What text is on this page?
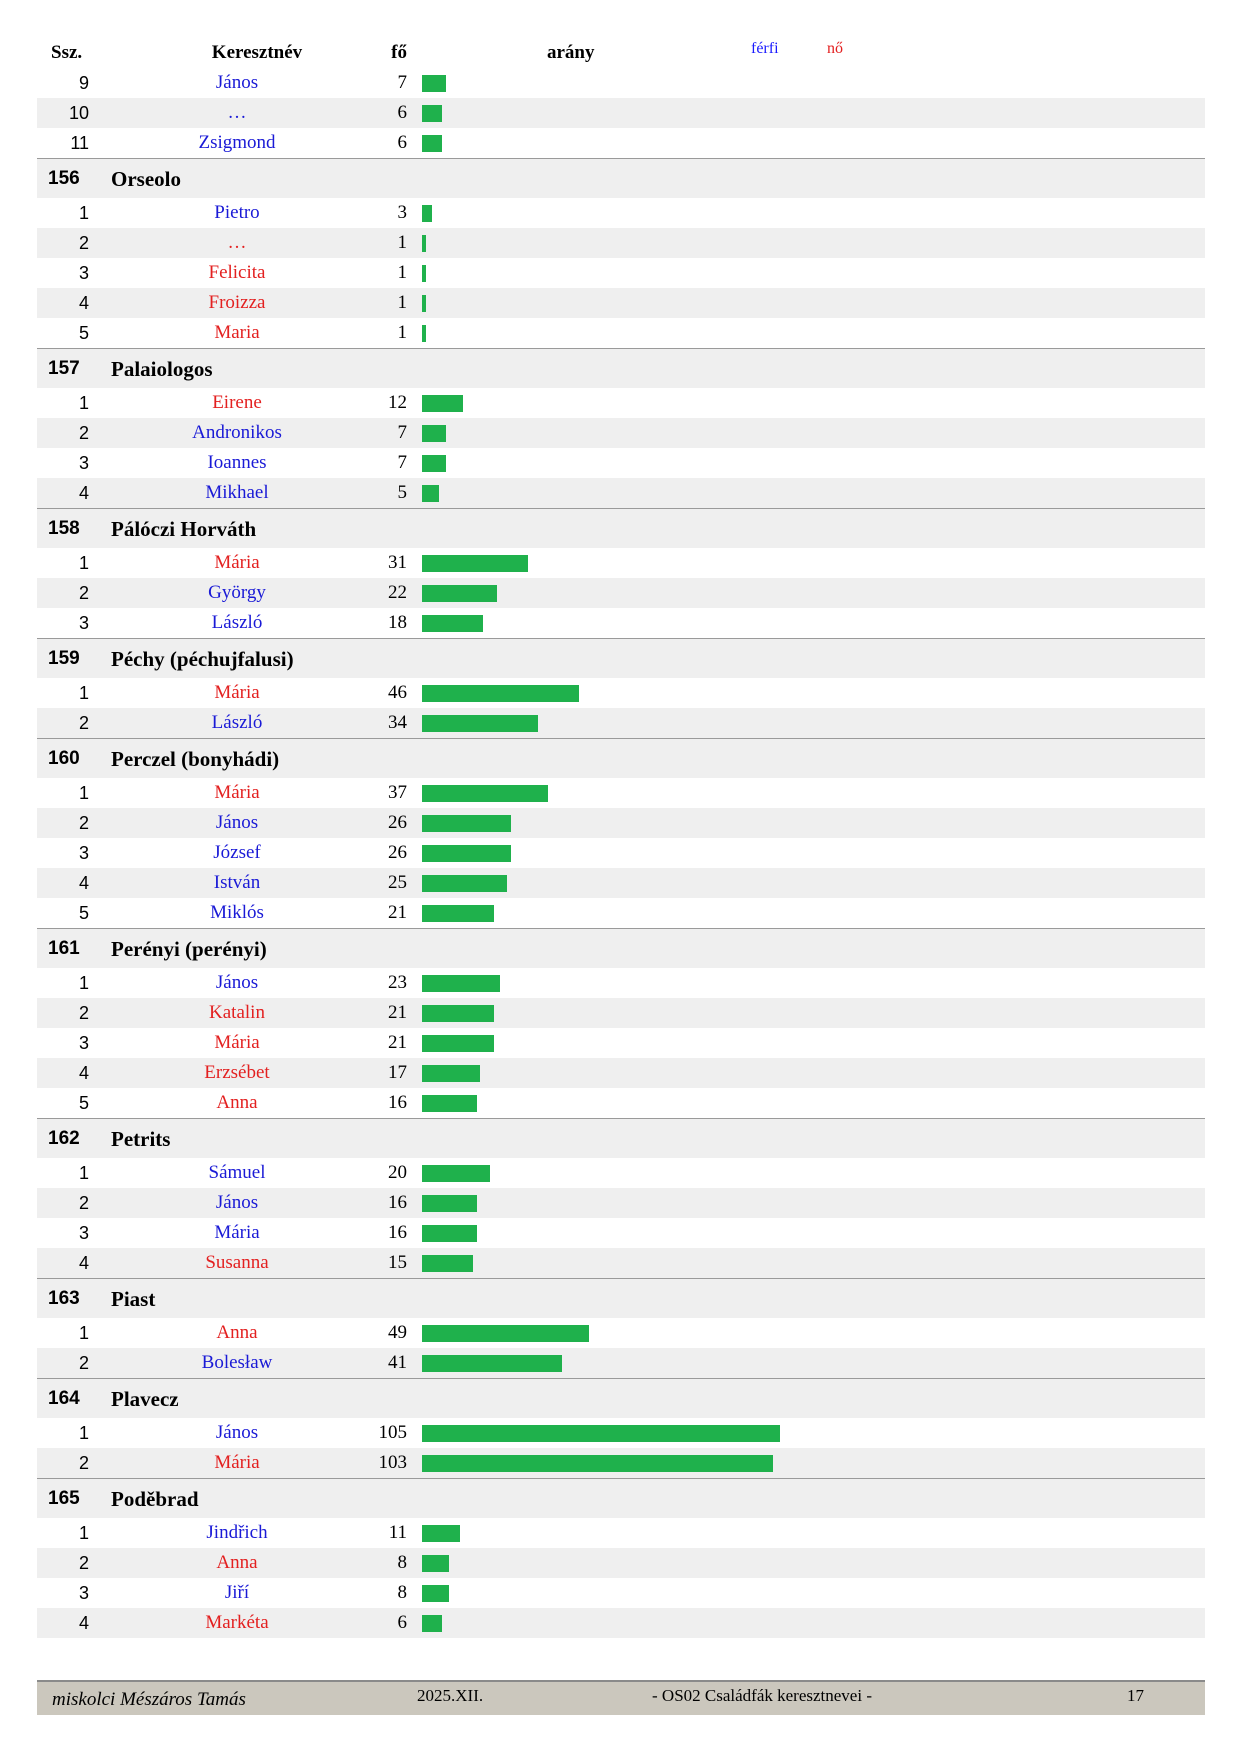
Ssz.	Keresztnév	fő	arány	férfi	nő
9	János	7
10	…	6
11	Zsigmond	6
156 Orseolo
1	Pietro	3
2	…	1
3	Felicita	1
4	Froizza	1
5	Maria	1
157 Palaiologos
1	Eirene	12
2	Andronikos	7
3	Ioannes	7
4	Mikhael	5
158 Pálóczi Horváth
1	Mária	31
2	György	22
3	László	18
159 Péchy (péchujfalusi)
1	Mária	46
2	László	34
160 Perczel (bonyhádi)
1	Mária	37
2	János	26
3	József	26
4	István	25
5	Miklós	21
161 Perényi (perényi)
1	János	23
2	Katalin	21
3	Mária	21
4	Erzsébet	17
5	Anna	16
162 Petrits
1	Sámuel	20
2	János	16
3	Mária	16
4	Susanna	15
163 Piast
1	Anna	49
2	Bolesław	41
164 Plavecz
1	János	105
2	Mária	103
165 Poděbrad
1	Jindřich	11
2	Anna	8
3	Jiří	8
4	Markéta	6
miskolci Mészáros Tamás	2025.XII.	- OS02 Családfák keresztnevei -	17
